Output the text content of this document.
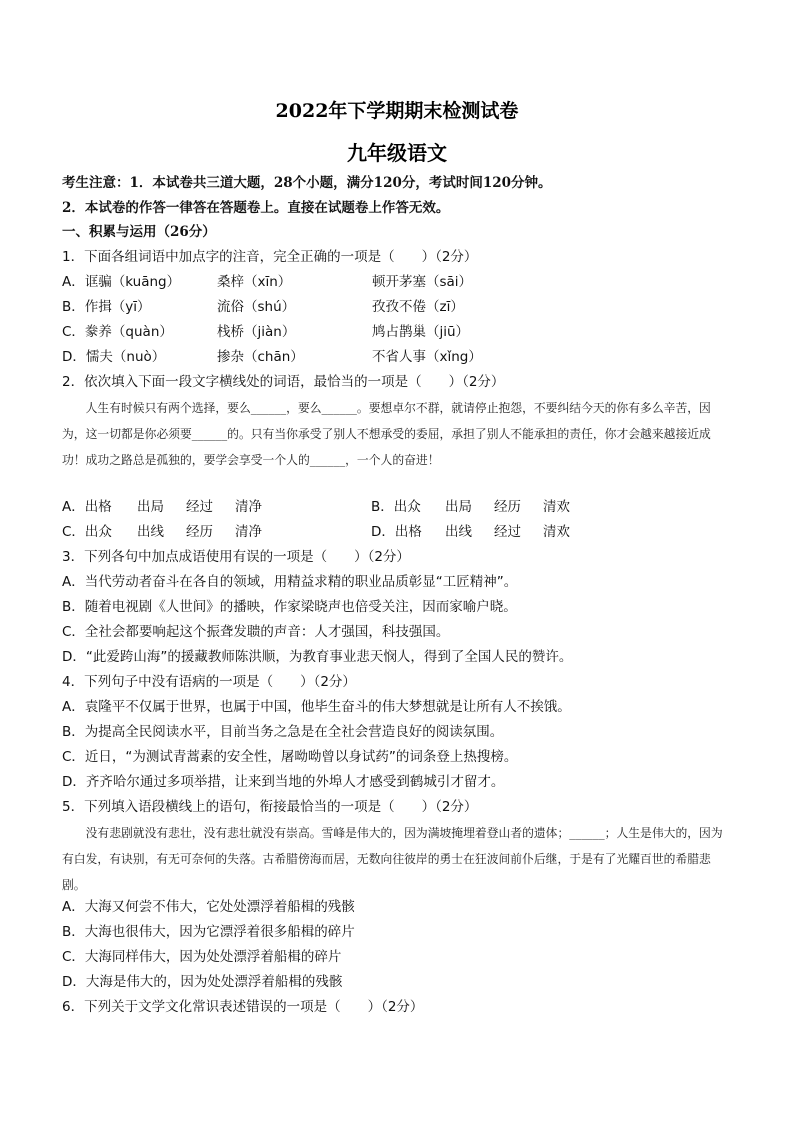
2022年下学期期末检测试卷
九年级语文
考生注意：1．本试卷共三道大题，28个小题，满分120分，考试时间120分钟。
2．本试卷的作答一律答在答题卷上。直接在试题卷上作答无效。
一、积累与运用（26分）
1．下面各组词语中加点字的注音，完全正确的一项是（　　）（2分）
A．诓骗（kuāng）	桑梓（xīn）	顿开茅塞（sāi）
B．作揖（yī）	流俗（shú）	孜孜不倦（zī）
C．豢养（quàn）	栈桥（jiàn）	鸠占鹊巢（jiū）
D．懦夫（nuò）	掺杂（chān）	不省人事（xǐng）
2．依次填入下面一段文字横线处的词语，最恰当的一项是（　　）（2分）
　　人生有时候只有两个选择，要么______，要么______。要想卓尔不群，就请停止抱怨，不要纠结今天的你有多么辛苦，因为，这一切都是你必须要______的。只有当你承受了别人不想承受的委屈，承担了别人不能承担的责任，你才会越来越接近成功！成功之路总是孤独的，要学会享受一个人的______，一个人的奋进！
A．出格 出局 经过 清净	B．出众 出局 经历 清欢
C．出众 出线 经历 清净	D．出格 出线 经过 清欢
3．下列各句中加点成语使用有误的一项是（　　）（2分）
A．当代劳动者奋斗在各自的领域，用精益求精的职业品质彰显“工匠精神”。
B．随着电视剧《人世间》的播映，作家梁晓声也倍受关注，因而家喻户晓。
C．全社会都要响起这个振聋发聩的声音：人才强国，科技强国。
D．“此爱跨山海”的援藏教师陈洪顺，为教育事业悲天悯人，得到了全国人民的赞许。
4．下列句子中没有语病的一项是（　　）（2分）
A．袁隆平不仅属于世界，也属于中国，他毕生奋斗的伟大梦想就是让所有人不挨饿。
B．为提高全民阅读水平，目前当务之急是在全社会营造良好的阅读氛围。
C．近日，“为测试青蒿素的安全性，屠呦呦曾以身试药”的词条登上热搜榜。
D．齐齐哈尔通过多项举措，让来到当地的外埠人才感受到鹤城引才留才。
5．下列填入语段横线上的语句，衔接最恰当的一项是（　　）（2分）
　　没有悲剧就没有悲壮，没有悲壮就没有崇高。雪峰是伟大的，因为满坡掩埋着登山者的遗体；______；人生是伟大的，因为有白发，有诀别，有无可奈何的失落。古希腊傍海而居，无数向往彼岸的勇士在狂波间前仆后继，于是有了光耀百世的希腊悲剧。
A．大海又何尝不伟大，它处处漂浮着船楫的残骸
B．大海也很伟大，因为它漂浮着很多船楫的碎片
C．大海同样伟大，因为处处漂浮着船楫的碎片
D．大海是伟大的，因为处处漂浮着船楫的残骸
6．下列关于文学文化常识表述错误的一项是（　　）（2分）
